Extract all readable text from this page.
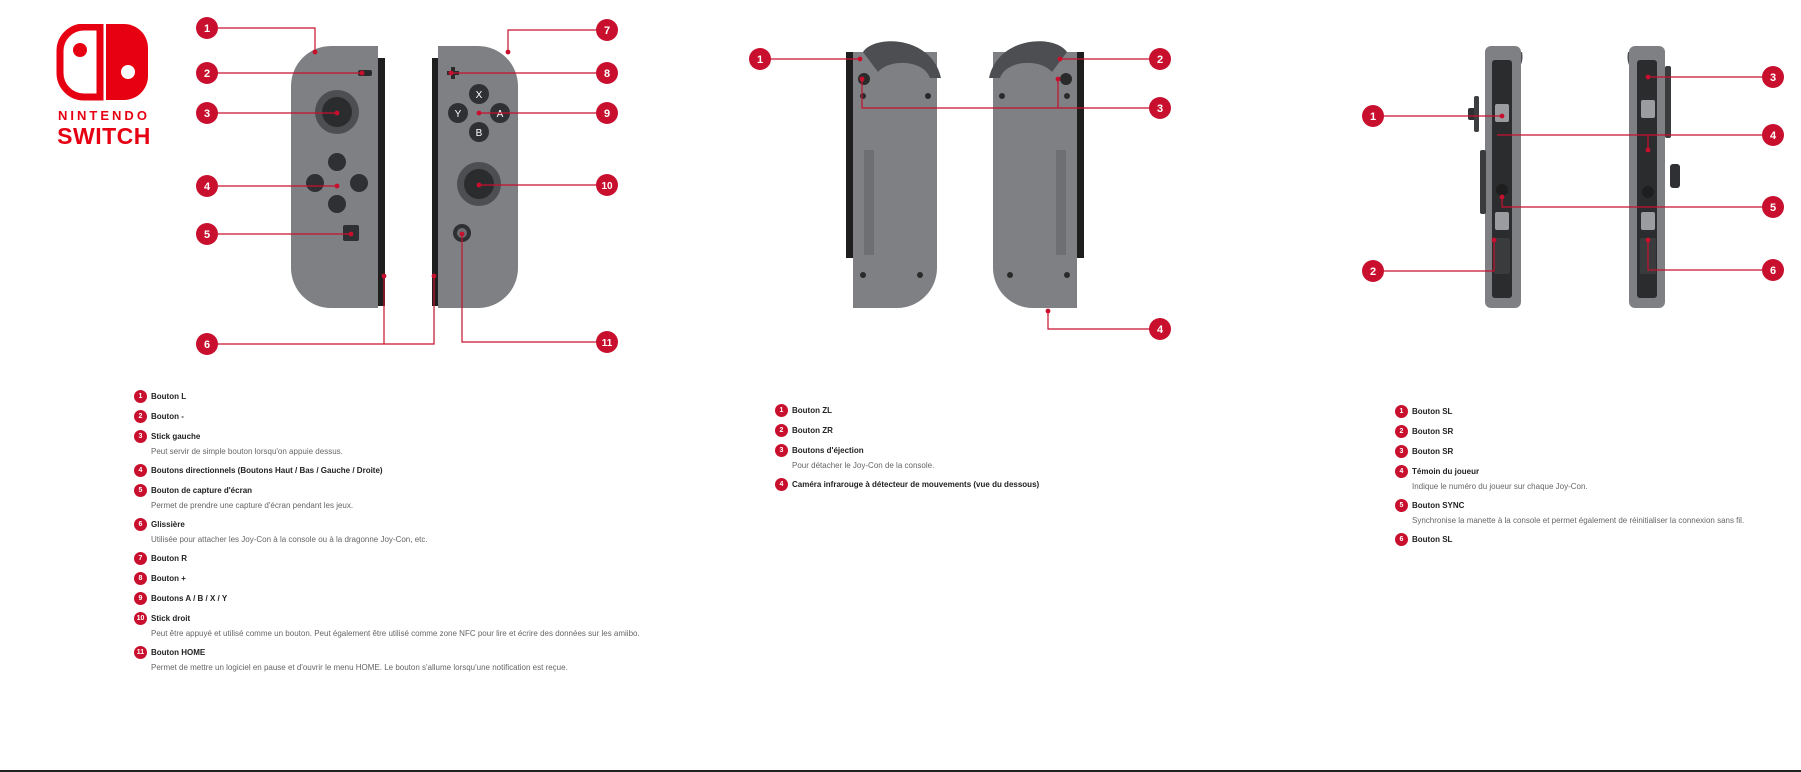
NINTENDO
SWITCH
X
Y	A
B
1
2
3
4
5
6
7
8
9
10
11
1	2
3
4
1
2
3
4
5
6
1	Bouton L
2	Bouton -
3	Stick gauche
Peut servir de simple bouton lorsqu'on appuie dessus.
4	Boutons directionnels (Boutons Haut / Bas / Gauche / Droite)
5	Bouton de capture d'écran
Permet de prendre une capture d'écran pendant les jeux.
6	Glissière
Utilisée pour attacher les Joy-Con à la console ou à la dragonne Joy-Con, etc.
7	Bouton R
8	Bouton +
9	Boutons A / B / X / Y
10 Stick droit
Peut être appuyé et utilisé comme un bouton. Peut également être utilisé comme zone NFC pour lire et écrire des données sur les amiibo.
11 Bouton HOME
Permet de mettre un logiciel en pause et d'ouvrir le menu HOME. Le bouton s'allume lorsqu'une notification est reçue.
1	Bouton ZL
2	Bouton ZR
3	Boutons d'éjection
Pour détacher le Joy-Con de la console.
4	Caméra infrarouge à détecteur de mouvements (vue du dessous)
1	Bouton SL
2	Bouton SR
3	Bouton SR
4	Témoin du joueur
Indique le numéro du joueur sur chaque Joy-Con.
5	Bouton SYNC
Synchronise la manette à la console et permet également de réinitialiser la connexion sans fil.
6	Bouton SL
